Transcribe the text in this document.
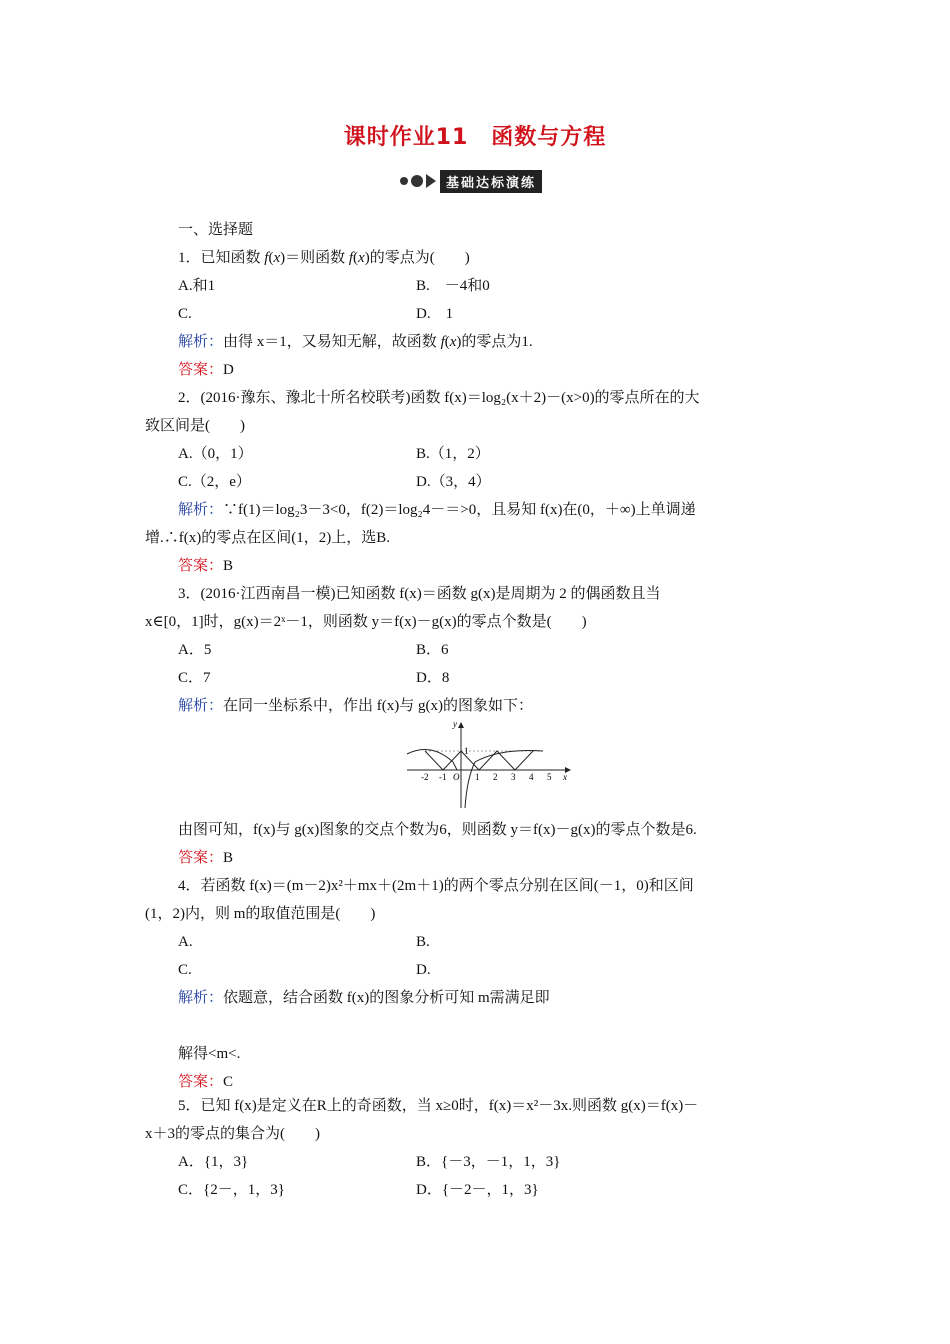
课时作业11　函数与方程
基础达标演练
一、选择题
1．已知函数 f(x)＝则函数 f(x)的零点为(　　)
A.和1	B.　－4和0
C.	D.　1
解析：由得 x＝1，又易知无解，故函数 f(x)的零点为1.
答案：D
2．(2016·豫东、豫北十所名校联考)函数 f(x)＝log₂(x＋2)－(x>0)的零点所在的大
致区间是(　　)
A.（0，1）	B.（1，2）
C.（2，e）	D.（3，4）
解析：∵f(1)＝log₂3－3<0，f(2)＝log₂4－＝>0，且易知 f(x)在(0，＋∞)上单调递
增.∴f(x)的零点在区间(1，2)上，选B.
答案：B
3．(2016·江西南昌一模)已知函数 f(x)＝函数 g(x)是周期为 2 的偶函数且当
x∈[0，1]时，g(x)＝2ˣ－1，则函数 y＝f(x)－g(x)的零点个数是(　　)
A．5	B．6
C．7	D．8
解析：在同一坐标系中，作出 f(x)与 g(x)的图象如下：
y
x
1
O
-2 -1	1 2 3 4 5
由图可知，f(x)与 g(x)图象的交点个数为6，则函数 y＝f(x)－g(x)的零点个数是6.
答案：B
4．若函数 f(x)＝(m－2)x²＋mx＋(2m＋1)的两个零点分别在区间(－1，0)和区间
(1，2)内，则 m的取值范围是(　　)
A.	B.
C.	D.
解析：依题意，结合函数 f(x)的图象分析可知 m需满足即
解得<m<.
答案：C
5．已知 f(x)是定义在R上的奇函数，当 x≥0时，f(x)＝x²－3x.则函数 g(x)＝f(x)－
x＋3的零点的集合为(　　)
A．{1，3}	B．{－3，－1，1，3}
C．{2－，1，3}	D．{－2－，1，3}
